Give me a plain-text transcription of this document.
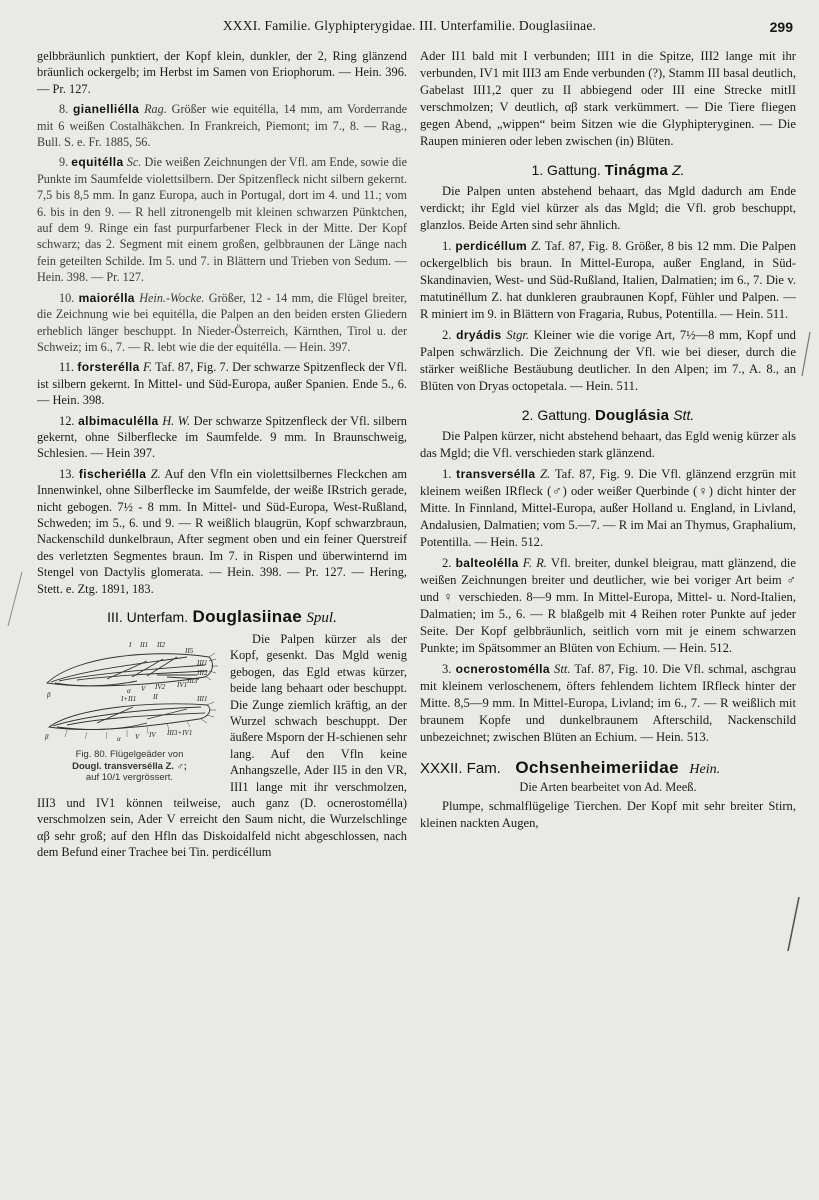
XXXI. Familie. Glyphipterygidae. III. Unterfamilie. Douglasiinae.	299

gelbbräunlich punktiert, der Kopf klein, dunkler, der 2, Ring glänzend bräunlich ockergelb; im Herbst im Samen von Eriophorum. — Hein. 396. — Pr. 127.

8. gianelliélla Rag. Größer wie equitélla, 14 mm, am Vorderrande mit 6 weißen Costalhäkchen. In Frankreich, Piemont; im 7., 8. — Rag., Bull. S. e. Fr. 1885, 56.

9. equitélla Sc. Die weißen Zeichnungen der Vfl. am Ende, sowie die Punkte im Saumfelde violettsilbern. Der Spitzenfleck nicht silbern gekernt. 7,5 bis 8,5 mm. In ganz Europa, auch in Portugal, dort im 4. und 11.; vom 6. bis in den 9. — R hell zitronengelb mit kleinen schwarzen Pünktchen, auf dem 9. Ringe ein fast purpurfarbener Fleck in der Mitte. Der Kopf schwarz; das 2. Segment mit einem großen, gelbbraunen der Länge nach fein geteilten Schilde. Im 5. und 7. in Blättern und Trieben von Sedum. — Hein. 398. — Pr. 127.

10. maiorélla Hein.-Wocke. Größer, 12 - 14 mm, die Flügel breiter, die Zeichnung wie bei equitélla, die Palpen an den beiden ersten Gliedern erheblich länger beschuppt. In Nieder-Österreich, Kärnthen, Tirol u. der Schweiz; im 6., 7. — R. lebt wie die der equitélla. — Hein. 397.

11. forsterélla F. Taf. 87, Fig. 7. Der schwarze Spitzenfleck der Vfl. ist silbern gekernt. In Mittel- und Süd-Europa, außer Spanien. Ende 5., 6. — Hein. 398.

12. albimaculélla H. W. Der schwarze Spitzenfleck der Vfl. silbern gekernt, ohne Silberflecke im Saumfelde. 9 mm. In Braunschweig, Schlesien. — Hein 397.

13. fischeriélla Z. Auf den Vfln ein violettsilbernes Fleckchen am Innenwinkel, ohne Silberflecke im Saumfelde, der weiße IRstrich gerade, nicht gebogen. 7½ - 8 mm. In Mittel- und Süd-Europa, West-Rußland, Schweden; im 5., 6. und 9. — R weißlich blaugrün, Kopf schwarzbraun, Nackenschild dunkelbraun, After segment oben und ein feiner Querstreif des verletzten Segmentes braun. Im 7. in Rispen und überwinternd im Stengel von Dactylis glomerata. — Hein. 398. — Pr. 127. — Hering, Stett. e. Ztg. 1891, 183.

III. Unterfam. Douglasiinae Spul.
I II1 II2
II5
III1
III2
III3
IV1
IV2
V
α
β	I+II1 II	III1
III3+IV1
IV
V
α
β
Fig. 80. Flügelgeäder von
Dougl. transversélla Z. ♂;
auf 10/1 vergrössert.

Die Palpen kürzer als der Kopf, gesenkt. Das Mgld wenig gebogen, das Egld etwas kürzer, beide lang behaart oder beschuppt. Die Zunge ziemlich kräftig, an der Wurzel schwach beschuppt. Der äußere Msporn der H-schienen sehr lang. Auf den Vfln keine Anhangszelle, Ader II5 in den VR, III1 lange mit ihr verschmolzen, III3 und IV1 können teilweise, auch ganz (D. ocnerostomélla) verschmolzen sein, Ader V erreicht den Saum nicht, die Wurzelschlinge αβ sehr groß; auf den Hfln das Diskoidalfeld nicht abgeschlossen, nach dem Befund einer Trachee bei Tin. perdicéllum

Ader II1 bald mit I verbunden; III1 in die Spitze, III2 lange mit ihr verbunden, IV1 mit III3 am Ende verbunden (?), Stamm III basal deutlich, Gabelast III1,2 quer zu II abbiegend oder III eine Strecke mitII verschmolzen; V deutlich, αβ stark verkümmert. — Die Tiere fliegen gegen Abend, „wippen“ beim Sitzen wie die Glyphipteryginen. — Die Raupen minieren oder leben zwischen (in) Blüten.

1. Gattung. Tinágma Z.

Die Palpen unten abstehend behaart, das Mgld dadurch am Ende verdickt; ihr Egld viel kürzer als das Mgld; die Vfl. grob beschuppt, glanzlos. Beide Arten sind sehr ähnlich.

1. perdicéllum Z. Taf. 87, Fig. 8. Größer, 8 bis 12 mm. Die Palpen ockergelblich bis braun. In Mittel-Europa, außer England, in Süd-Skandinavien, West- und Süd-Rußland, Italien, Dalmatien; im 6., 7. Die v. matutinéllum Z. hat dunkleren graubraunen Kopf, Fühler und Palpen. — R miniert im 9. in Blättern von Fragaria, Rubus, Potentilla. — Hein. 511.

2. dryádis Stgr. Kleiner wie die vorige Art, 7½—8 mm, Kopf und Palpen schwärzlich. Die Zeichnung der Vfl. wie bei dieser, durch die stärker weißliche Bestäubung deutlicher. In den Alpen; im 7., A. 8., an Blüten von Dryas octopetala. — Hein. 511.

2. Gattung. Douglásia Stt.

Die Palpen kürzer, nicht abstehend behaart, das Egld wenig kürzer als das Mgld; die Vfl. verschieden stark glänzend.

1. transversélla Z. Taf. 87, Fig. 9. Die Vfl. glänzend erzgrün mit kleinem weißen IRfleck (♂) oder weißer Querbinde (♀) dicht hinter der Mitte. In Finnland, Mittel-Europa, außer Holland u. England, in Livland, Andalusien, Dalmatien; vom 5.—7. — R im Mai an Thymus, Graphalium, Potentilla. — Hein. 512.

2. balteolélla F. R. Vfl. breiter, dunkel bleigrau, matt glänzend, die weißen Zeichnungen breiter und deutlicher, wie bei voriger Art beim ♂ und ♀ verschieden. 8—9 mm. In Mittel-Europa, Mittel- u. Nord-Italien, Dalmatien; im 5., 6. — R blaßgelb mit 4 Reihen roter Punkte auf jeder Seite. Der Kopf gelbbräunlich, seitlich vorn mit je einem schwarzen Punkte; im Spätsommer an Blüten von Echium. — Hein. 512.

3. ocnerostomélla Stt. Taf. 87, Fig. 10. Die Vfl. schmal, aschgrau mit kleinem verloschenem, öfters fehlendem lichtem IRfleck hinter der Mitte. 8,5—9 mm. In Mittel-Europa, Livland; im 6., 7. — R weißlich mit braunem Kopfe und dunkelbraunem Afterschild, Nackenschild unbezeichnet; zwischen Blüten an Echium. — Hein. 513.

XXXII. Fam. Ochsenheimeriidae Hein.
Die Arten bearbeitet von Ad. Meeß.

Plumpe, schmalflügelige Tierchen. Der Kopf mit sehr breiter Stirn, kleinen nackten Augen,
